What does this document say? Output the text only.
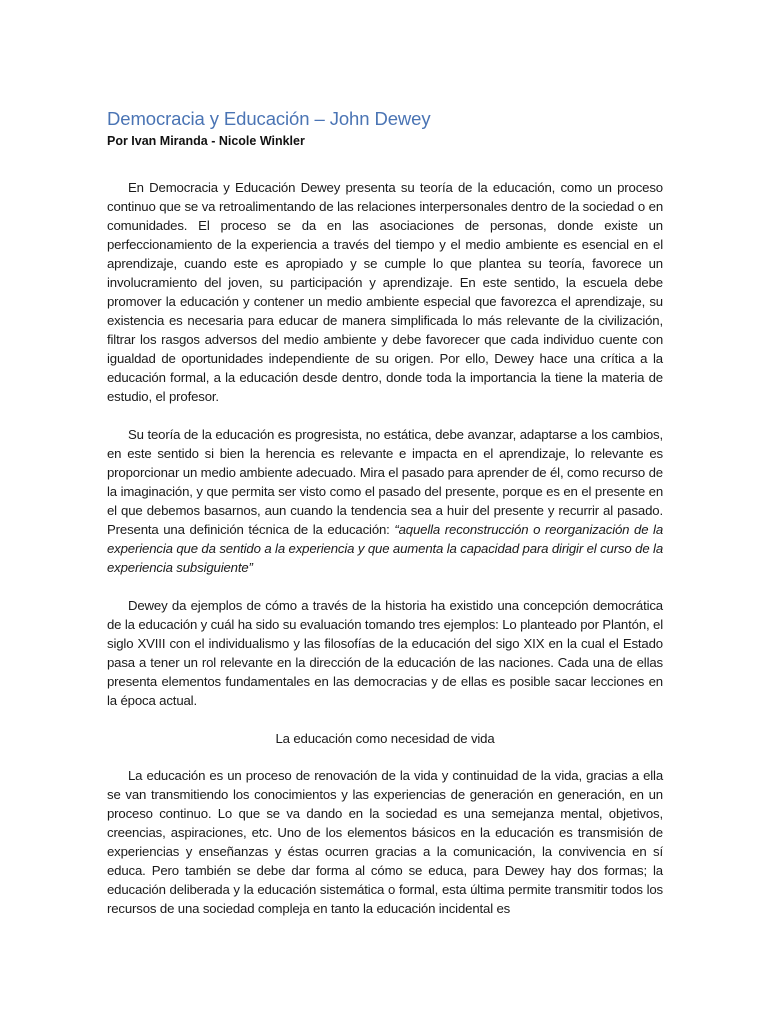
Democracia y Educación – John Dewey

Por Ivan Miranda - Nicole Winkler

En Democracia y Educación Dewey presenta su teoría de la educación, como un proceso continuo que se va retroalimentando de las relaciones interpersonales dentro de la sociedad o en comunidades. El proceso se da en las asociaciones de personas, donde existe un perfeccionamiento de la experiencia a través del tiempo y el medio ambiente es esencial en el aprendizaje, cuando este es apropiado y se cumple lo que plantea su teoría, favorece un involucramiento del joven, su participación y aprendizaje. En este sentido, la escuela debe promover la educación y contener un medio ambiente especial que favorezca el aprendizaje, su existencia es necesaria para educar de manera simplificada lo más relevante de la civilización, filtrar los rasgos adversos del medio ambiente y debe favorecer que cada individuo cuente con igualdad de oportunidades independiente de su origen. Por ello, Dewey hace una crítica a la educación formal, a la educación desde dentro, donde toda la importancia la tiene la materia de estudio, el profesor.

Su teoría de la educación es progresista, no estática, debe avanzar, adaptarse a los cambios, en este sentido si bien la herencia es relevante e impacta en el aprendizaje, lo relevante es proporcionar un medio ambiente adecuado. Mira el pasado para aprender de él, como recurso de la imaginación, y que permita ser visto como el pasado del presente, porque es en el presente en el que debemos basarnos, aun cuando la tendencia sea a huir del presente y recurrir al pasado. Presenta una definición técnica de la educación: “aquella reconstrucción o reorganización de la experiencia que da sentido a la experiencia y que aumenta la capacidad para dirigir el curso de la experiencia subsiguiente”

Dewey da ejemplos de cómo a través de la historia ha existido una concepción democrática de la educación y cuál ha sido su evaluación tomando tres ejemplos: Lo planteado por Plantón, el siglo XVIII con el individualismo y las filosofías de la educación del sigo XIX en la cual el Estado pasa a tener un rol relevante en la dirección de la educación de las naciones. Cada una de ellas presenta elementos fundamentales en las democracias y de ellas es posible sacar lecciones en la época actual.

La educación como necesidad de vida

La educación es un proceso de renovación de la vida y continuidad de la vida, gracias a ella se van transmitiendo los conocimientos y las experiencias de generación en generación, en un proceso continuo. Lo que se va dando en la sociedad es una semejanza mental, objetivos, creencias, aspiraciones, etc. Uno de los elementos básicos en la educación es transmisión de experiencias y enseñanzas y éstas ocurren gracias a la comunicación, la convivencia en sí educa. Pero también se debe dar forma al cómo se educa, para Dewey hay dos formas; la educación deliberada y la educación sistemática o formal, esta última permite transmitir todos los recursos de una sociedad compleja en tanto la educación incidental es
